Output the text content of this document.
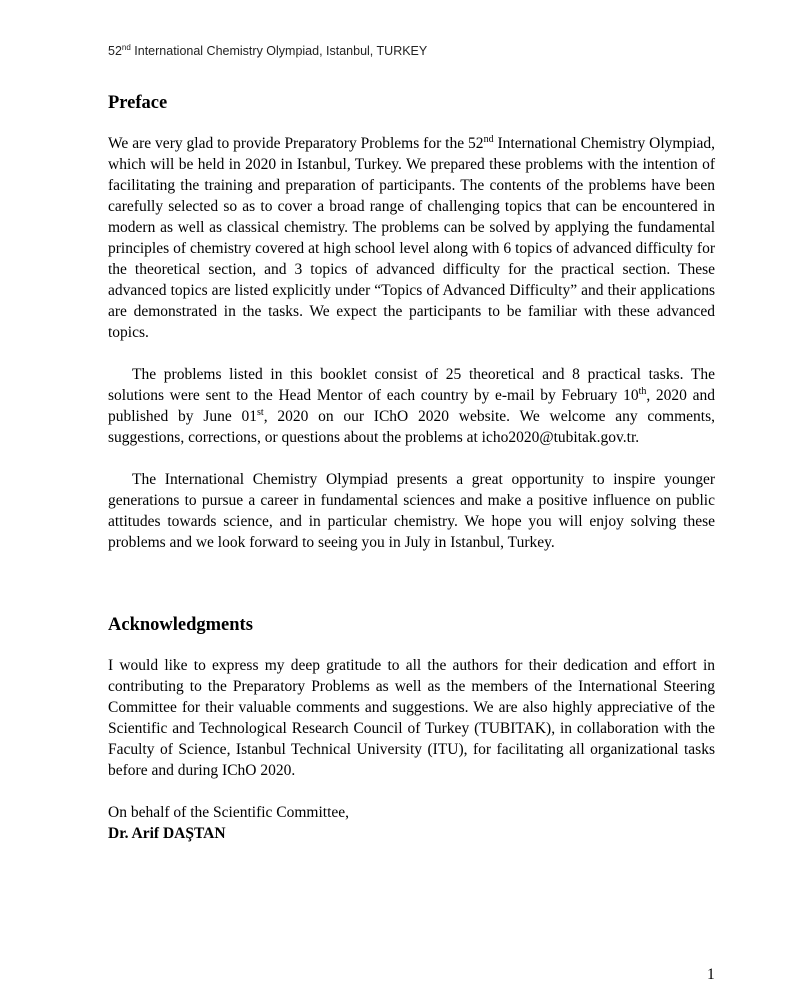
52nd International Chemistry Olympiad, Istanbul, TURKEY
Preface

We are very glad to provide Preparatory Problems for the 52nd International Chemistry Olympiad, which will be held in 2020 in Istanbul, Turkey. We prepared these problems with the intention of facilitating the training and preparation of participants. The contents of the problems have been carefully selected so as to cover a broad range of challenging topics that can be encountered in modern as well as classical chemistry. The problems can be solved by applying the fundamental principles of chemistry covered at high school level along with 6 topics of advanced difficulty for the theoretical section, and 3 topics of advanced difficulty for the practical section. These advanced topics are listed explicitly under “Topics of Advanced Difficulty” and their applications are demonstrated in the tasks. We expect the participants to be familiar with these advanced topics.

The problems listed in this booklet consist of 25 theoretical and 8 practical tasks. The solutions were sent to the Head Mentor of each country by e-mail by February 10th, 2020 and published by June 01st, 2020 on our IChO 2020 website. We welcome any comments, suggestions, corrections, or questions about the problems at icho2020@tubitak.gov.tr.

The International Chemistry Olympiad presents a great opportunity to inspire younger generations to pursue a career in fundamental sciences and make a positive influence on public attitudes towards science, and in particular chemistry. We hope you will enjoy solving these problems and we look forward to seeing you in July in Istanbul, Turkey.

Acknowledgments

I would like to express my deep gratitude to all the authors for their dedication and effort in contributing to the Preparatory Problems as well as the members of the International Steering Committee for their valuable comments and suggestions. We are also highly appreciative of the Scientific and Technological Research Council of Turkey (TUBITAK), in collaboration with the Faculty of Science, Istanbul Technical University (ITU), for facilitating all organizational tasks before and during IChO 2020.

On behalf of the Scientific Committee,
Dr. Arif DAŞTAN
1
